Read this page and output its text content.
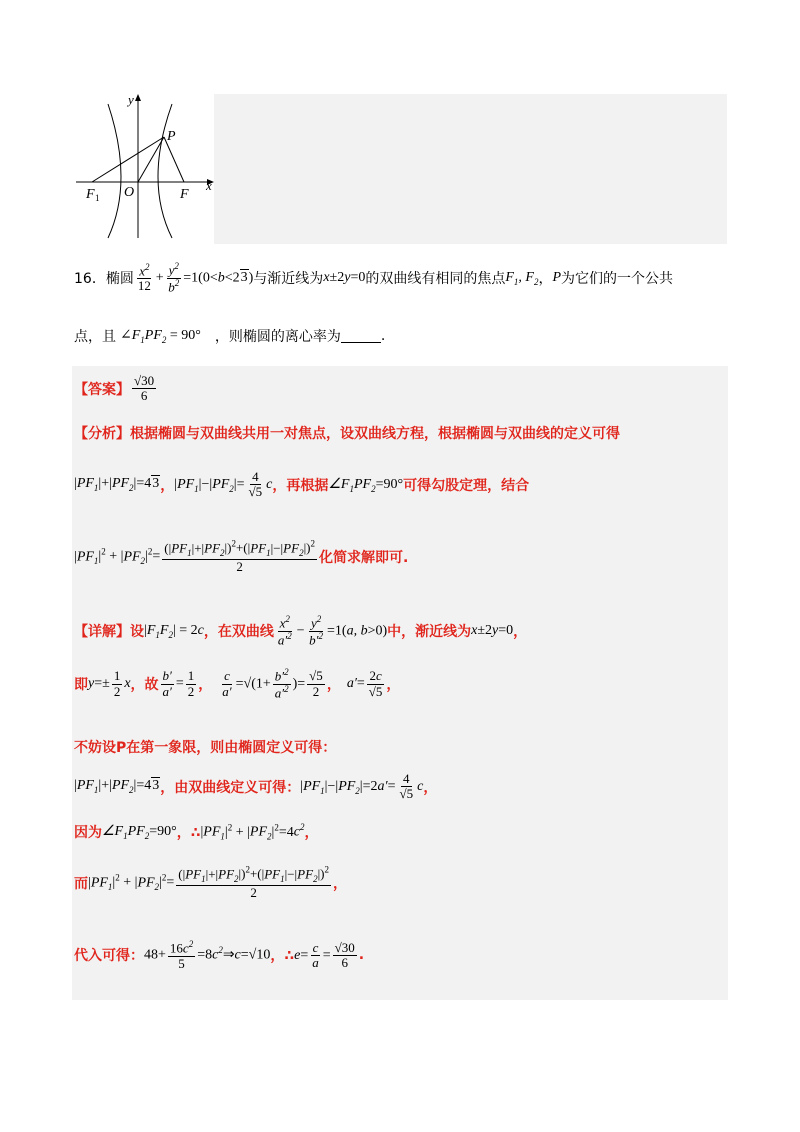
y
P
O
F 1	F
x
16． 椭圆 $\frac{x^2}{12} + \frac{y^2}{b^2} =1(0<b<23)$ 与渐近线为 x±2y=0 的双曲线有相同的焦点 $F_1$, $F_2$ ， P 为它们的一个公共
点，且 $\angle F_1PF_2 = 90^\circ$ ，则椭圆的离心率为	.
【答案】 $\frac{√30}{6}$
【分析】 根据椭圆与双曲线共用一对焦点，设双曲线方程，根据椭圆与双曲线的定义可得
$|PF_1|+|PF_2|=43$ ， $|PF_1|-|PF_2|= \frac{4}{√5}$ c ，再根据 $\angle F_1PF_2=90^\circ$ 可得勾股定理，结合
$|PF_1|^2 + |PF_2|^2= \frac{(|PF_1|+|PF_2|)^2+(|PF_1|-|PF_2|)^2}{2}$ 化简求解即可.
【详解】 设 $|F_1F_2| = 2c$ ，在双曲线 $\frac{x^2}{a'^2} - \frac{y^2}{b'^2} =1(a$, b>0) 中，渐近线为 x±2y=0 ，
即 $y=\pm \frac{1}{2}$ x ，故 $\frac{b'}{a'} = \frac{1}{2}$ ， $\frac{c}{a'} =√(1+ \frac{b'^2}{a'^2}$ )= $\frac{√5}{2}$ ， $a'= \frac{2c}{√5}$ ，
不妨设P在第一象限，则由椭圆定义可得：
$|PF_1|+|PF_2|=43$ ，由双曲线定义可得： $|PF_1|-|PF_2|=2a'= \frac{4}{√5}$ c ，
因为 $\angle F_1PF_2=90^\circ$ ，∴ $|PF_1|^2 + |PF_2|^2=4c^2$ ，
而 $|PF_1|^2 + |PF_2|^2= \frac{(|PF_1|+|PF_2|)^2+(|PF_1|-|PF_2|)^2}{2}$ ，
代入可得： $48+ \frac{16c^2}{5}$ $=8c^2\Rightarrow c=√10$ ，∴ $e= \frac{c}{a} = \frac{√30}{6}$ .
